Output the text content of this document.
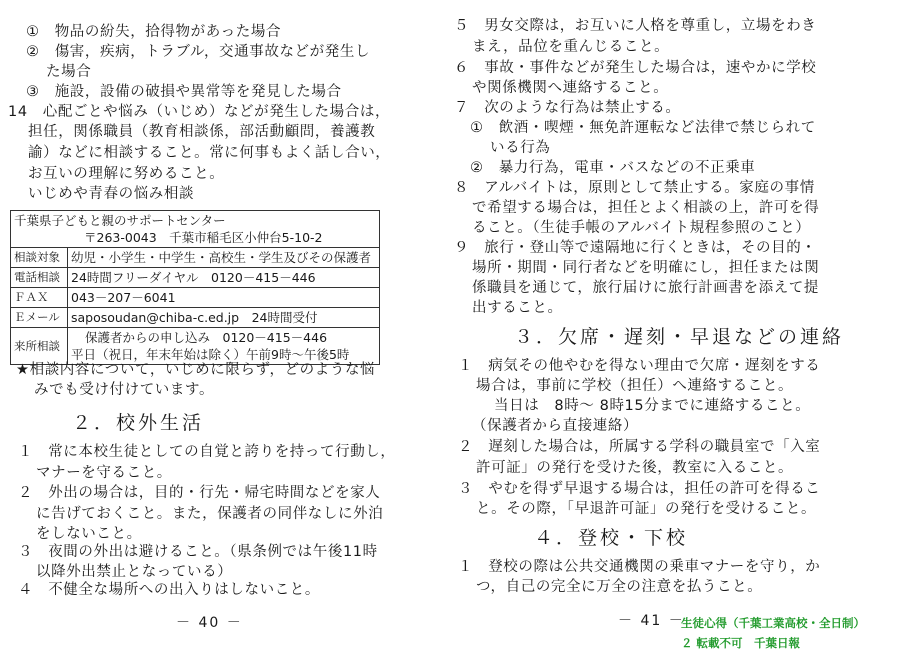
①　物品の紛失，拾得物があった場合
②　傷害，疾病，トラブル，交通事故などが発生し
た場合
③　施設，設備の破損や異常等を発見した場合
14　心配ごとや悩み（いじめ）などが発生した場合は，
担任，関係職員（教育相談係，部活動顧問，養護教
諭）などに相談すること。常に何事もよく話し合い，
お互いの理解に努めること。
いじめや青春の悩み相談
千葉県子どもと親のサポートセンター
〒263-0043　千葉市稲毛区小仲台5-10-2	

相談対象	幼児・小学生・中学生・高校生・学生及びその保護者
電話相談	24時間フリーダイヤル　0120－415－446
ＦＡＸ	043－207－6041
Ｅメール	saposoudan@chiba-c.ed.jp　24時間受付
来所相談	保護者からの申し込み　0120－415－446
平日（祝日，年末年始は除く）午前9時～午後5時
★相談内容について，いじめに限らず，どのような悩
みでも受け付けています。
２．校外生活
１　常に本校生徒としての自覚と誇りを持って行動し，
マナーを守ること。
２　外出の場合は，目的・行先・帰宅時間などを家人
に告げておくこと。また，保護者の同伴なしに外泊
をしないこと。
３　夜間の外出は避けること。（県条例では午後11時
以降外出禁止となっている）
４　不健全な場所への出入りはしないこと。
－ 40 －
５　男女交際は，お互いに人格を尊重し，立場をわき
まえ，品位を重んじること。
６　事故・事件などが発生した場合は，速やかに学校
や関係機関へ連絡すること。
７　次のような行為は禁止する。
①　飲酒・喫煙・無免許運転など法律で禁じられて
いる行為
②　暴力行為，電車・バスなどの不正乗車
８　アルバイトは，原則として禁止する。家庭の事情
で希望する場合は，担任とよく相談の上，許可を得
ること。（生徒手帳のアルバイト規程参照のこと）
９　旅行・登山等で遠隔地に行くときは，その目的・
場所・期間・同行者などを明確にし，担任または関
係職員を通じて，旅行届けに旅行計画書を添えて提
出すること。
３．欠席・遅刻・早退などの連絡
１　病気その他やむを得ない理由で欠席・遅刻をする
場合は，事前に学校（担任）へ連絡すること。
当日は　8時～ 8時15分までに連絡すること。
（保護者から直接連絡）
２　遅刻した場合は，所属する学科の職員室で「入室
許可証」の発行を受けた後，教室に入ること。
３　やむを得ず早退する場合は，担任の許可を得るこ
と。その際，「早退許可証」の発行を受けること。
４．登校・下校
１　登校の際は公共交通機関の乗車マナーを守り，か
つ，自己の完全に万全の注意を払うこと。
－ 41 －
生徒心得（千葉工業高校・全日制）
２ 転載不可　千葉日報
